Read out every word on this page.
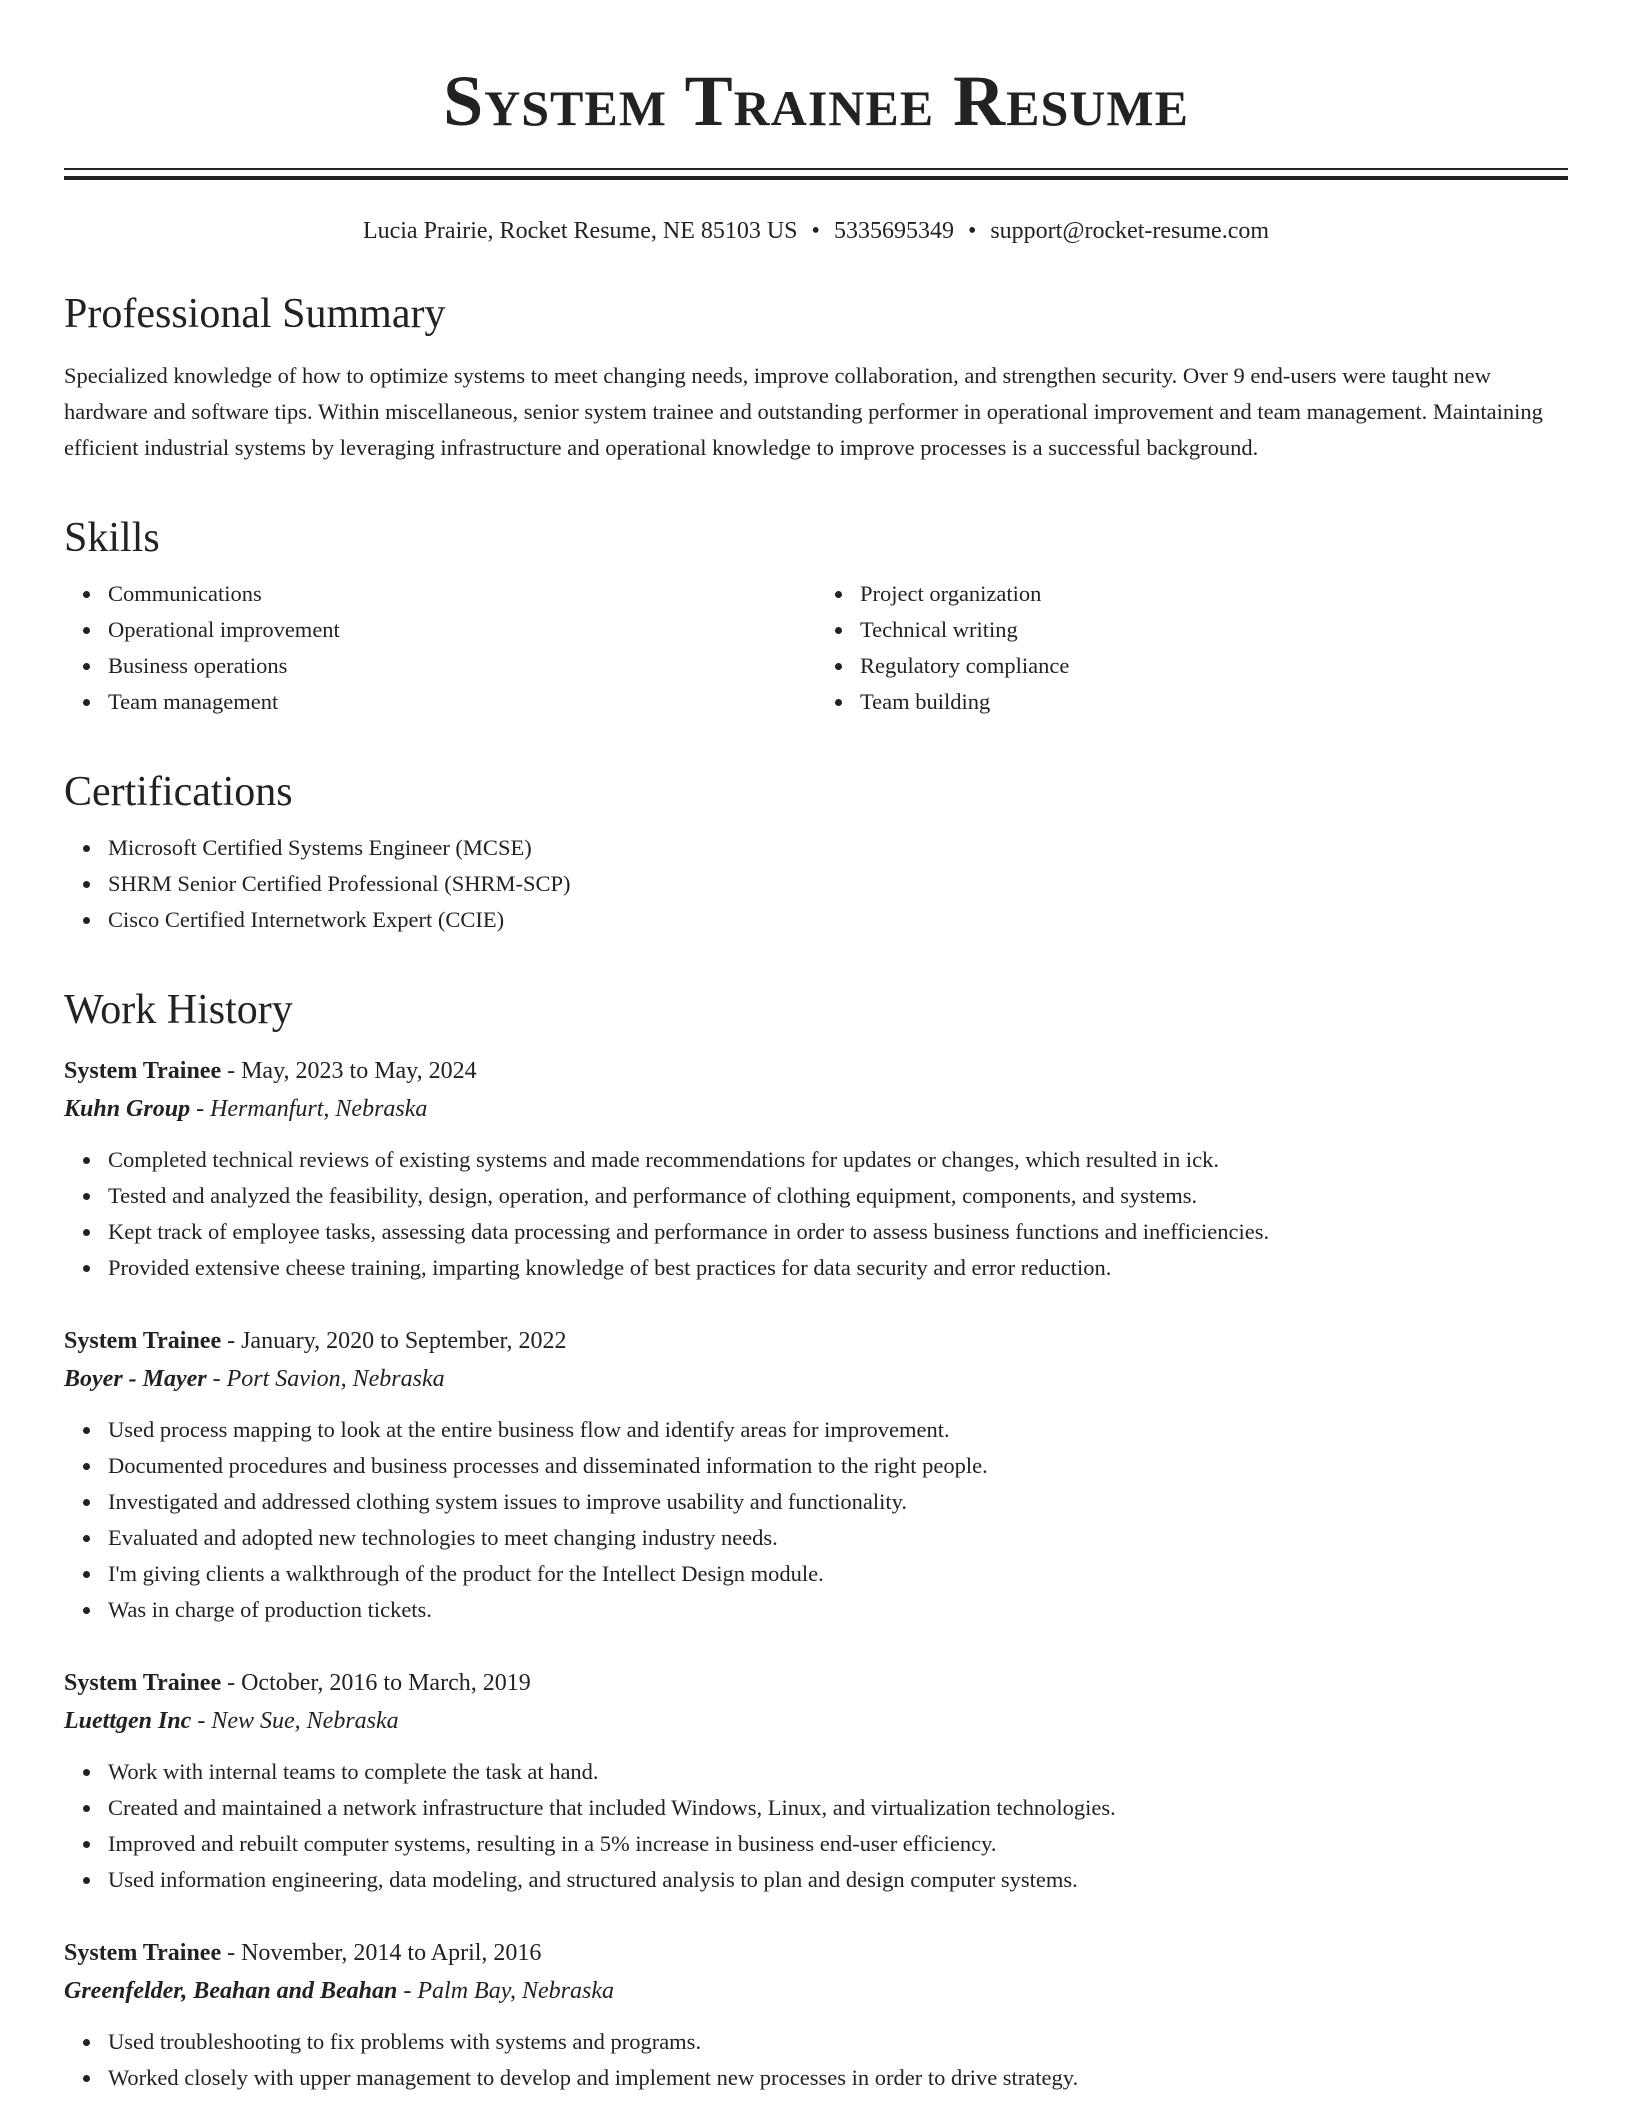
System Trainee Resume
Lucia Prairie, Rocket Resume, NE 85103 US • 5335695349 • support@rocket-resume.com
Professional Summary

Specialized knowledge of how to optimize systems to meet changing needs, improve collaboration, and strengthen security. Over 9 end-users were taught new hardware and software tips. Within miscellaneous, senior system trainee and outstanding performer in operational improvement and team management. Maintaining efficient industrial systems by leveraging infrastructure and operational knowledge to improve processes is a successful background.

Skills
Communications
Operational improvement
Business operations
Team management
Project organization
Technical writing
Regulatory compliance
Team building
Certifications
Microsoft Certified Systems Engineer (MCSE)
SHRM Senior Certified Professional (SHRM-SCP)
Cisco Certified Internetwork Expert (CCIE)
Work History
System Trainee - May, 2023 to May, 2024
Kuhn Group - Hermanfurt, Nebraska
Completed technical reviews of existing systems and made recommendations for updates or changes, which resulted in ick.
Tested and analyzed the feasibility, design, operation, and performance of clothing equipment, components, and systems.
Kept track of employee tasks, assessing data processing and performance in order to assess business functions and inefficiencies.
Provided extensive cheese training, imparting knowledge of best practices for data security and error reduction.
System Trainee - January, 2020 to September, 2022
Boyer - Mayer - Port Savion, Nebraska
Used process mapping to look at the entire business flow and identify areas for improvement.
Documented procedures and business processes and disseminated information to the right people.
Investigated and addressed clothing system issues to improve usability and functionality.
Evaluated and adopted new technologies to meet changing industry needs.
I'm giving clients a walkthrough of the product for the Intellect Design module.
Was in charge of production tickets.
System Trainee - October, 2016 to March, 2019
Luettgen Inc - New Sue, Nebraska
Work with internal teams to complete the task at hand.
Created and maintained a network infrastructure that included Windows, Linux, and virtualization technologies.
Improved and rebuilt computer systems, resulting in a 5% increase in business end-user efficiency.
Used information engineering, data modeling, and structured analysis to plan and design computer systems.
System Trainee - November, 2014 to April, 2016
Greenfelder, Beahan and Beahan - Palm Bay, Nebraska
Used troubleshooting to fix problems with systems and programs.
Worked closely with upper management to develop and implement new processes in order to drive strategy.
